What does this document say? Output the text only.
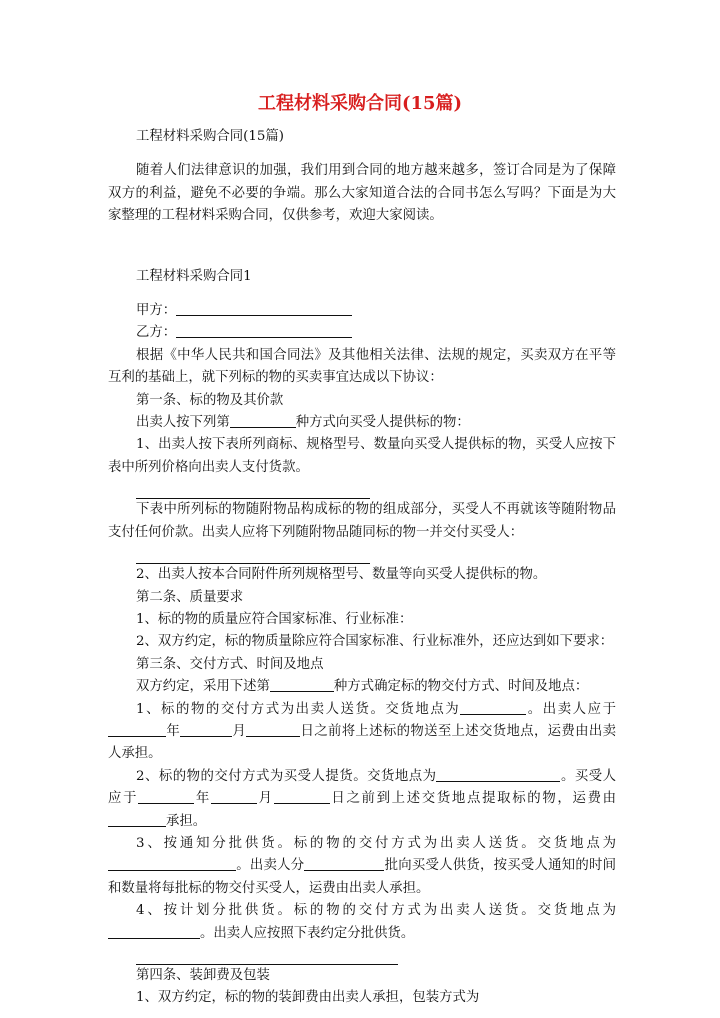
工程材料采购合同(15篇)

工程材料采购合同(15篇)

随着人们法律意识的加强，我们用到合同的地方越来越多，签订合同是为了保障双方的利益，避免不必要的争端。那么大家知道合法的合同书怎么写吗？下面是为大家整理的工程材料采购合同，仅供参考，欢迎大家阅读。

工程材料采购合同1

甲方：

乙方：

根据《中华人民共和国合同法》及其他相关法律、法规的规定，买卖双方在平等互利的基础上，就下列标的物的买卖事宜达成以下协议：

第一条、标的物及其价款

出卖人按下列第	种方式向买受人提供标的物：

1、出卖人按下表所列商标、规格型号、数量向买受人提供标的物，买受人应按下表中所列价格向出卖人支付货款。

下表中所列标的物随附物品构成标的物的组成部分，买受人不再就该等随附物品支付任何价款。出卖人应将下列随附物品随同标的物一并交付买受人：

2、出卖人按本合同附件所列规格型号、数量等向买受人提供标的物。

第二条、质量要求

1、标的物的质量应符合国家标准、行业标准：

2、双方约定，标的物质量除应符合国家标准、行业标准外，还应达到如下要求：

第三条、交付方式、时间及地点

双方约定，采用下述第	种方式确定标的物交付方式、时间及地点：

1、标的物的交付方式为出卖人送货。交货地点为	。出卖人应于年	月	日之前将上述标的物送至上述交货地点，运费由出卖人承担。

2、标的物的交付方式为买受人提货。交货地点为	。买受人应于	年	月	日之前到上述交货地点提取标的物，运费由承担。

3、按通知分批供货。标的物的交付方式为出卖人送货。交货地点为。出卖人分	批向买受人供货，按买受人通知的时间和数量将每批标的物交付买受人，运费由出卖人承担。

4、按计划分批供货。标的物的交付方式为出卖人送货。交货地点为。出卖人应按照下表约定分批供货。

第四条、装卸费及包装

1、双方约定，标的物的装卸费由出卖人承担，包装方式为
